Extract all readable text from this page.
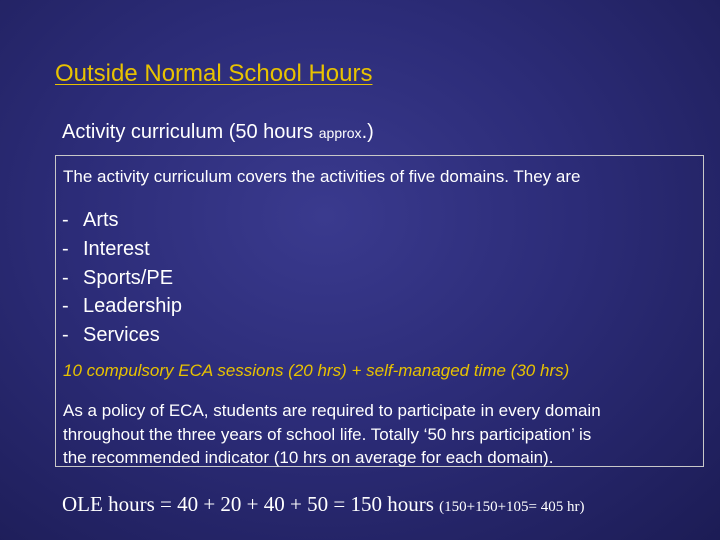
Outside Normal School Hours
Activity curriculum (50 hours approx.)
The activity curriculum covers the activities of five domains. They are
- Arts
- Interest
- Sports/PE
- Leadership
- Services
10 compulsory ECA sessions (20 hrs) + self-managed time (30 hrs)
As a policy of ECA, students are required to participate in every domain
throughout the three years of school life. Totally ‘50 hrs participation’ is
the recommended indicator (10 hrs on average for each domain).
OLE hours = 40 + 20 + 40 + 50 = 150 hours (150+150+105= 405 hr)
